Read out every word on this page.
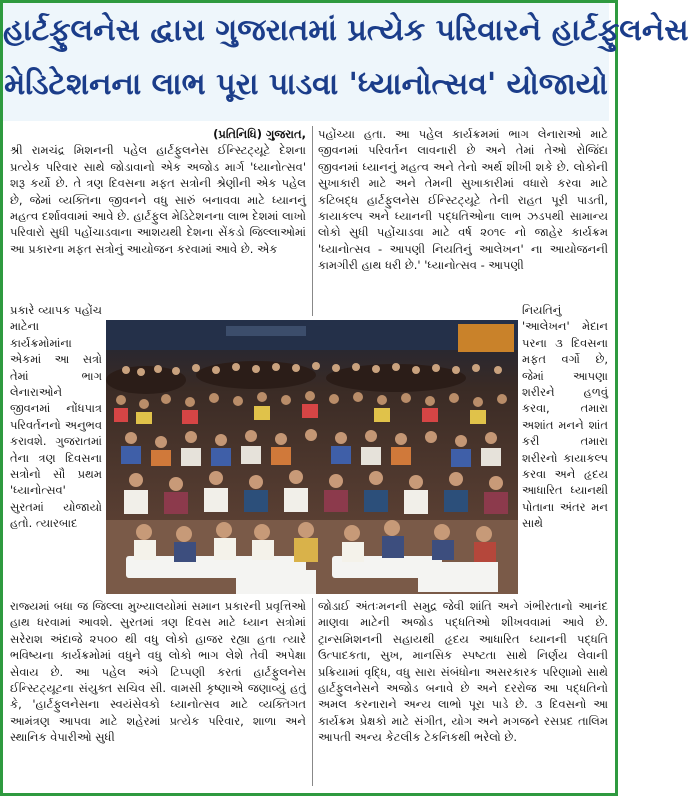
હાર્ટફુલનેસ દ્વારા ગુજરાતમાં પ્રત્યેક પરિવારને હાર્ટફુલનેસ
મેડિટેશનના લાભ પૂરા પાડવા 'ધ્યાનોત્સવ' યોજાયો

(પ્રતિનિધિ) ગુજરાત,

શ્રી રામચંદ્ર મિશનની પહેલ હાર્ટફુલનેસ ઈન્સ્ટિટ્યૂટે દેશના પ્રત્યેક પરિવાર સાથે જોડાવાનો એક અજોડ માર્ગ 'ધ્યાનોત્સવ' શરૂ કર્યો છે. તે ત્રણ દિવસના મફત સત્રોની શ્રેણીની એક પહેલ છે, જેમાં વ્યક્તિના જીવનને વધુ સારું બનાવવા માટે ધ્યાનનું મહત્વ દર્શાવવામાં આવે છે. હાર્ટફુલ મેડિટેશનના લાભ દેશમાં લાખો પરિવારો સુધી પહોંચાડવાના આશયથી દેશના સેંકડો જિલ્લાઓમાં આ પ્રકારના મફત સત્રોનું આયોજન કરવામાં આવે છે. એક

પહોંચ્યા હતા. આ પહેલ કાર્યક્રમમાં ભાગ લેનારાઓ માટે જીવનમાં પરિવર્તન લાવનારી છે અને તેમાં તેઓ રોજિંદા જીવનમાં ધ્યાનનું મહત્વ અને તેનો અર્થ શીખી શકે છે. લોકોની સુખાકારી માટે અને તેમની સુખાકારીમાં વધારો કરવા માટે કટિબદ્ધ હાર્ટફુલનેસ ઈન્સ્ટિટ્યૂટે તેની રાહત પૂરી પાડતી, કાયાકલ્પ અને ધ્યાનની પદ્ધતિઓના લાભ ઝડપથી સામાન્ય લોકો સુધી પહોંચાડવા માટે વર્ષ ૨૦૧૯ નો જાહેર કાર્યક્રમ 'ધ્યાનોત્સવ - આપણી નિયતિનું આલેખન' ના આયોજનની કામગીરી હાથ ધરી છે.' 'ધ્યાનોત્સવ - આપણી

પ્રકારે વ્યાપક પહોંચ માટેના કાર્યક્રમોમાંના એકમાં આ સત્રો તેમાં ભાગ લેનારાઓને જીવનમાં નોંધપાત્ર પરિવર્તનનો અનુભવ કરાવશે. ગુજરાતમાં તેના ત્રણ દિવસના સત્રોનો સૌ પ્રથમ 'ધ્યાનોત્સવ' સુરતમાં યોજાયો હતો. ત્યારબાદ

નિયતિનું 'આલેખન' મેદાન પરના ૩ દિવસના મફત વર્ગો છે, જેમાં આપણા શરીરને હળવું કરવા, તમારા અશાંત મનને શાંત કરી તમારા શરીરનો કાયાકલ્પ કરવા અને હૃદય આધારિત ધ્યાનથી પોતાના અંતર મન સાથે

રાજ્યમાં બધા જ જિલ્લા મુખ્યાલયોમાં સમાન પ્રકારની પ્રવૃત્તિઓ હાથ ધરવામાં આવશે. સુરતમાં ત્રણ દિવસ માટે ધ્યાન સત્રોમાં સરેરાશ અંદાજે ૨૫૦૦ થી વધુ લોકો હાજર રહ્યા હતા ત્યારે ભવિષ્યના કાર્યક્રમોમાં વધુને વધુ લોકો ભાગ લેશે તેવી અપેક્ષા સેવાય છે. આ પહેલ અંગે ટિપ્પણી કરતાં હાર્ટફુલનેસ ઈન્સ્ટિટ્યૂટના સંયુક્ત સચિવ સી. વામસી કૃષ્ણાએ જણાવ્યું હતું કે, 'હાર્ટફુલનેસના સ્વયંસેવકો ધ્યાનોત્સવ માટે વ્યક્તિગત આમંત્રણ આપવા માટે શહેરમાં પ્રત્યેક પરિવાર, શાળા અને સ્થાનિક વેપારીઓ સુધી

જોડાઈ અંતઃમનની સમુદ્ર જેવી શાંતિ અને ગંભીરતાનો આનંદ માણવા માટેની અજોડ પદ્ધતિઓ શીખવવામાં આવે છે. ટ્રાન્સમિશનની સહાયથી હૃદય આધારિત ધ્યાનની પદ્ધતિ ઉત્પાદકતા, સુખ, માનસિક સ્પષ્ટતા સાથે નિર્ણય લેવાની પ્રક્રિયામાં વૃદ્ધિ, વધુ સારા સંબંધોના અસરકારક પરિણામો સાથે હાર્ટફુલનેસને અજોડ બનાવે છે અને દરરોજ આ પદ્ધતિનો અમલ કરનારાને અન્ય લાભો પૂરા પાડે છે. ૩ દિવસનો આ કાર્યક્રમ પ્રેક્ષકો માટે સંગીત, યોગ અને મગજને રસપ્રદ તાલિમ આપતી અન્ય કેટલીક ટેકનિકથી ભરેલો છે.
